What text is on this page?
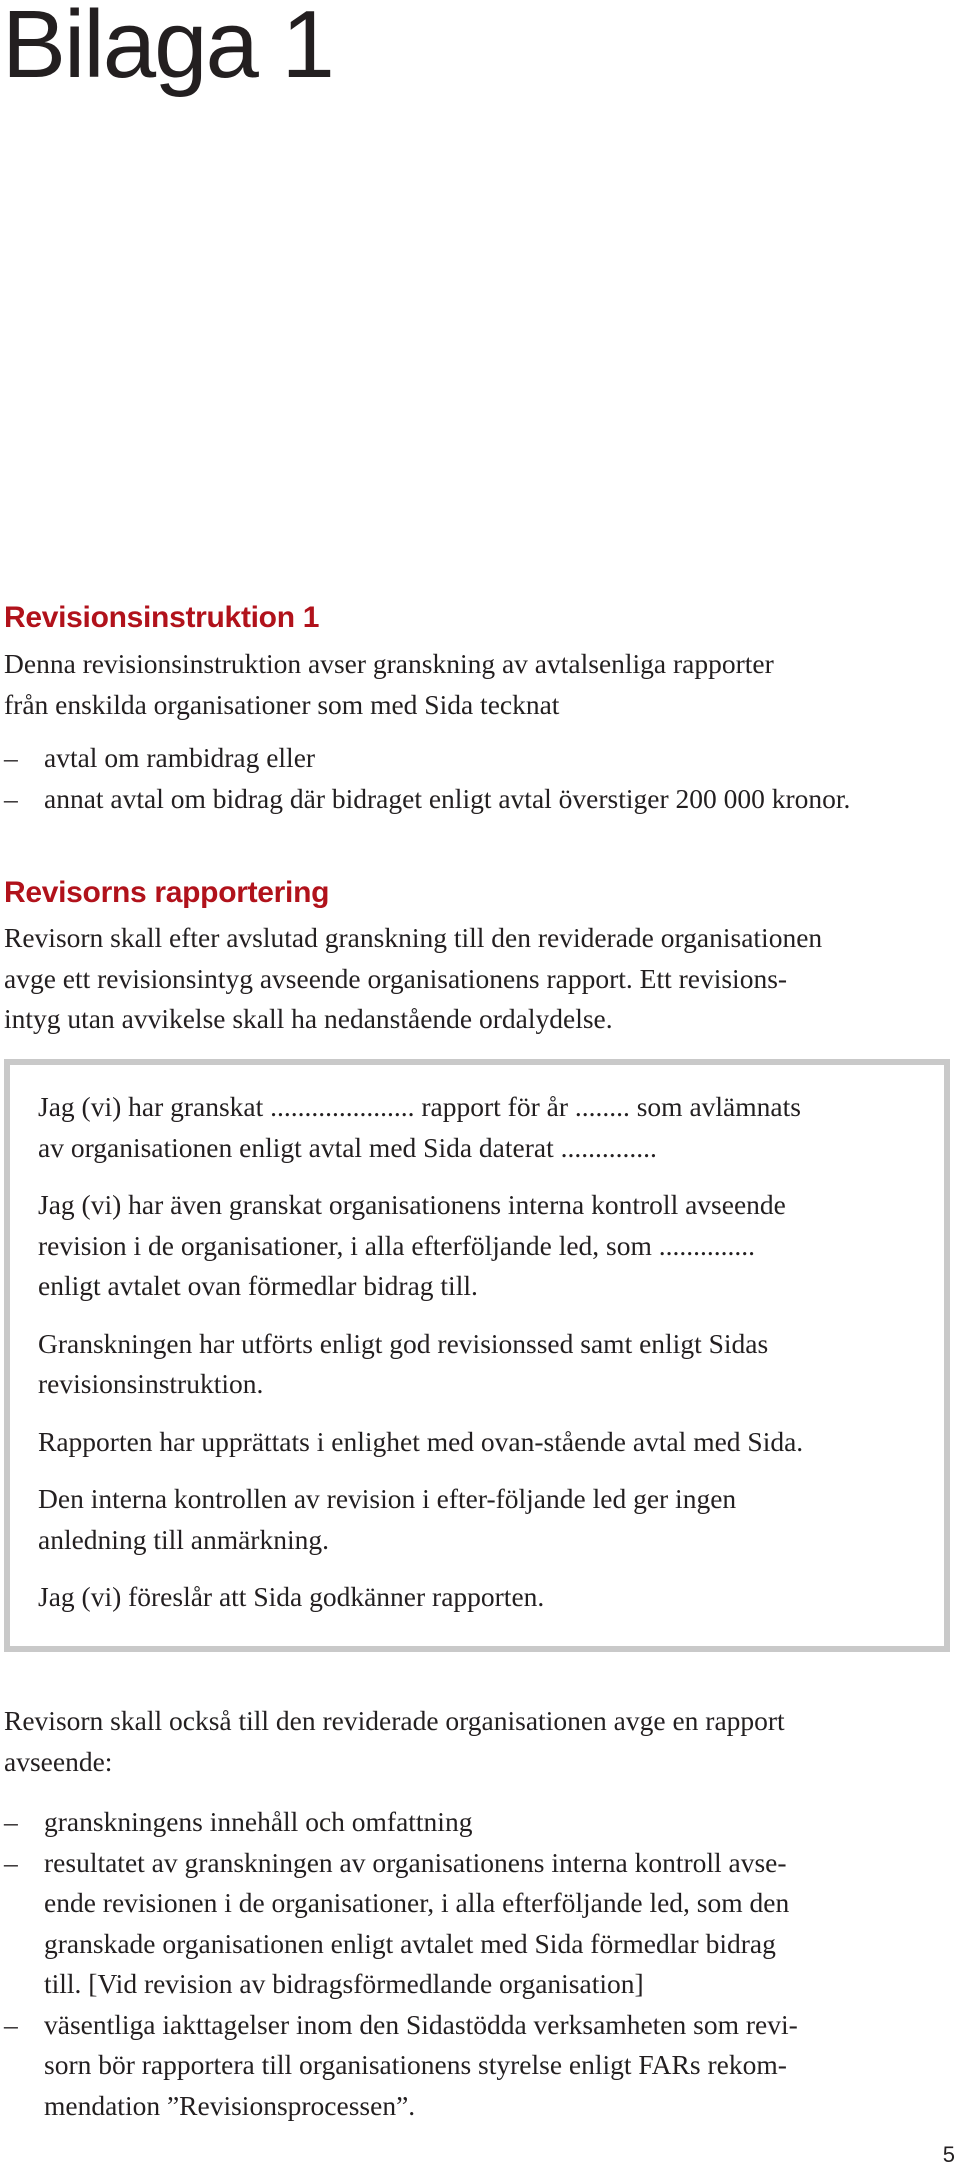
Bilaga 1
Revisionsinstruktion 1
Denna revisionsinstruktion avser granskning av avtalsenliga rapporter
från enskilda organisationer som med Sida tecknat
– avtal om rambidrag eller
– annat avtal om bidrag där bidraget enligt avtal överstiger 200 000 kronor.
Revisorns rapportering
Revisorn skall efter avslutad granskning till den reviderade organisationen
avge ett revisionsintyg avseende organisationens rapport. Ett revisions-
intyg utan avvikelse skall ha nedanstående ordalydelse.
Jag (vi) har granskat ..................... rapport för år ........ som avlämnats
av organisationen enligt avtal med Sida daterat ..............
Jag (vi) har även granskat organisationens interna kontroll avseende
revision i de organisationer, i alla efterföljande led, som ..............
enligt avtalet ovan förmedlar bidrag till.
Granskningen har utförts enligt god revisionssed samt enligt Sidas
revisionsinstruktion.
Rapporten har upprättats i enlighet med ovan-stående avtal med Sida.
Den interna kontrollen av revision i efter-följande led ger ingen
anledning till anmärkning.
Jag (vi) föreslår att Sida godkänner rapporten.
Revisorn skall också till den reviderade organisationen avge en rapport
avseende:
– granskningens innehåll och omfattning
– resultatet av granskningen av organisationens interna kontroll avse-
ende revisionen i de organisationer, i alla efterföljande led, som den
granskade organisationen enligt avtalet med Sida förmedlar bidrag
till. [Vid revision av bidragsförmedlande organisation]
– väsentliga iakttagelser inom den Sidastödda verksamheten som revi-
sorn bör rapportera till organisationens styrelse enligt FARs rekom-
mendation ”Revisionsprocessen”.
5
